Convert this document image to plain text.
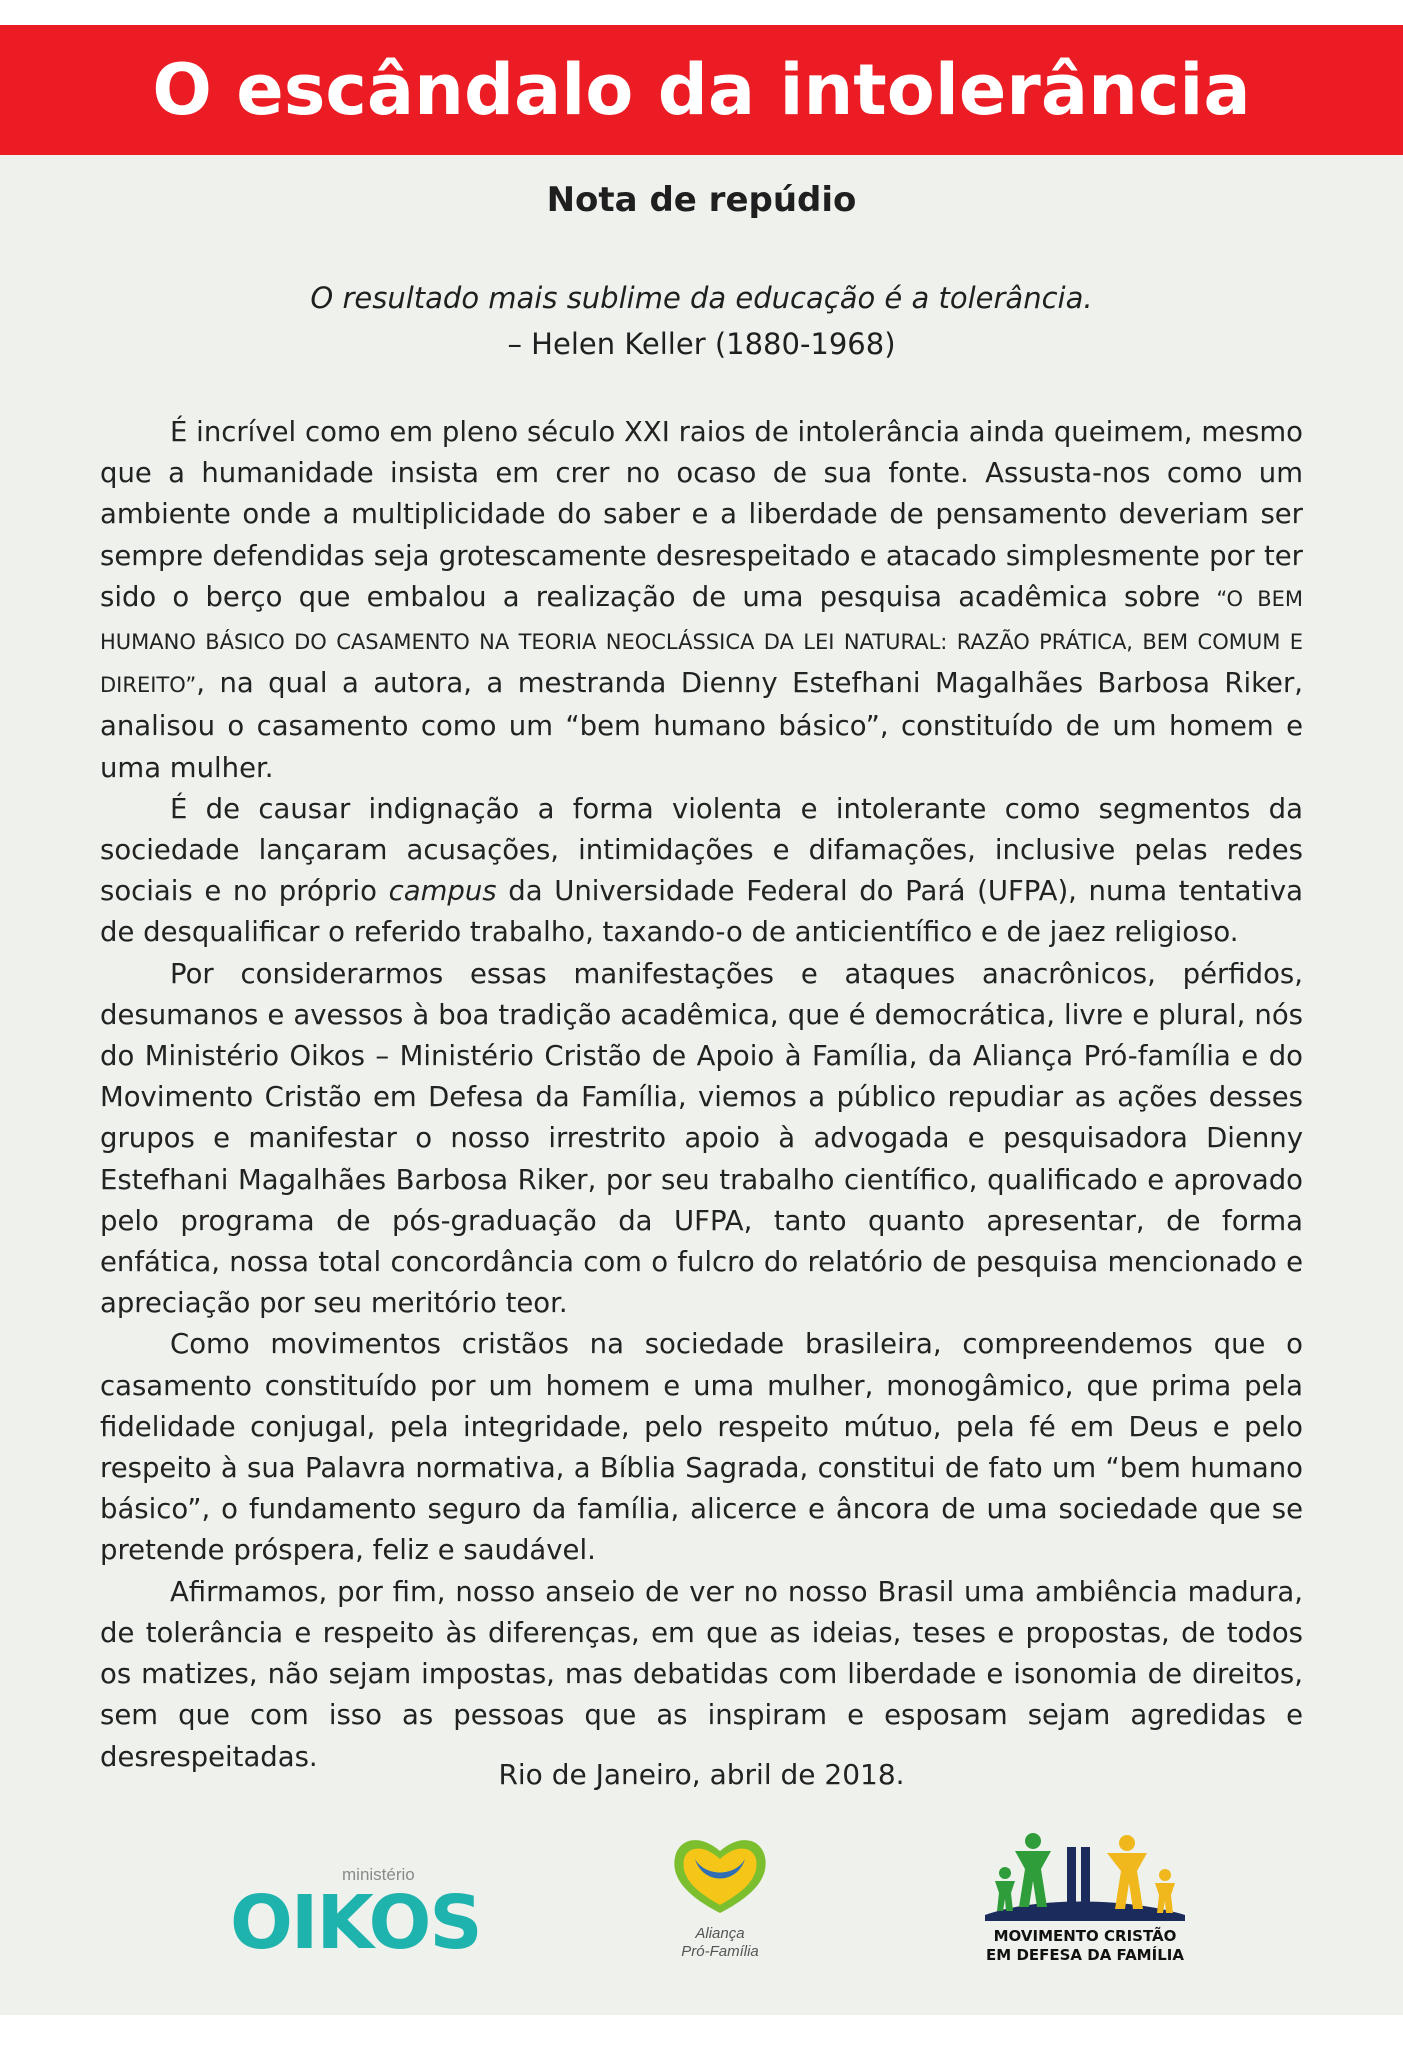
O escândalo da intolerância
Nota de repúdio
O resultado mais sublime da educação é a tolerância.
– Helen Keller (1880-1968)

É incrível como em pleno século XXI raios de intolerância ainda queimem, mesmo que a humanidade insista em crer no ocaso de sua fonte. Assusta-nos como um ambiente onde a multiplicidade do saber e a liberdade de pensamento deveriam ser sempre defendidas seja grotescamente desrespeitado e atacado simplesmente por ter sido o berço que embalou a realização de uma pesquisa acadêmica sobre “O BEM HUMANO BÁSICO DO CASAMENTO NA TEORIA NEOCLÁSSICA DA LEI NATURAL: RAZÃO PRÁTICA, BEM COMUM E DIREITO”, na qual a autora, a mestranda Dienny Estefhani Magalhães Barbosa Riker, analisou o casamento como um “bem humano básico”, constituído de um homem e uma mulher.

É de causar indignação a forma violenta e intolerante como segmentos da sociedade lançaram acusações, intimidações e difamações, inclusive pelas redes sociais e no próprio campus da Universidade Federal do Pará (UFPA), numa tentativa de desqualificar o referido trabalho, taxando-o de anticientífico e de jaez religioso.

Por considerarmos essas manifestações e ataques anacrônicos, pérfidos, desumanos e avessos à boa tradição acadêmica, que é democrática, livre e plural, nós do Ministério Oikos – Ministério Cristão de Apoio à Família, da Aliança Pró-família e do Movimento Cristão em Defesa da Família, viemos a público repudiar as ações desses grupos e manifestar o nosso irrestrito apoio à advogada e pesquisadora Dienny Estefhani Magalhães Barbosa Riker, por seu trabalho científico, qualificado e aprovado pelo programa de pós-graduação da UFPA, tanto quanto apresentar, de forma enfática, nossa total concordância com o fulcro do relatório de pesquisa mencionado e apreciação por seu meritório teor.

Como movimentos cristãos na sociedade brasileira, compreendemos que o casamento constituído por um homem e uma mulher, monogâmico, que prima pela fidelidade conjugal, pela integridade, pelo respeito mútuo, pela fé em Deus e pelo respeito à sua Palavra normativa, a Bíblia Sagrada, constitui de fato um “bem humano básico”, o fundamento seguro da família, alicerce e âncora de uma sociedade que se pretende próspera, feliz e saudável.

Afirmamos, por fim, nosso anseio de ver no nosso Brasil uma ambiência madura, de tolerância e respeito às diferenças, em que as ideias, teses e propostas, de todos os matizes, não sejam impostas, mas debatidas com liberdade e isonomia de direitos, sem que com isso as pessoas que as inspiram e esposam sejam agredidas e desrespeitadas.

Rio de Janeiro, abril de 2018.
ministério
OIKOS	Aliança
Pró-Família
MOVIMENTO CRISTÃO
EM DEFESA DA FAMÍLIA
